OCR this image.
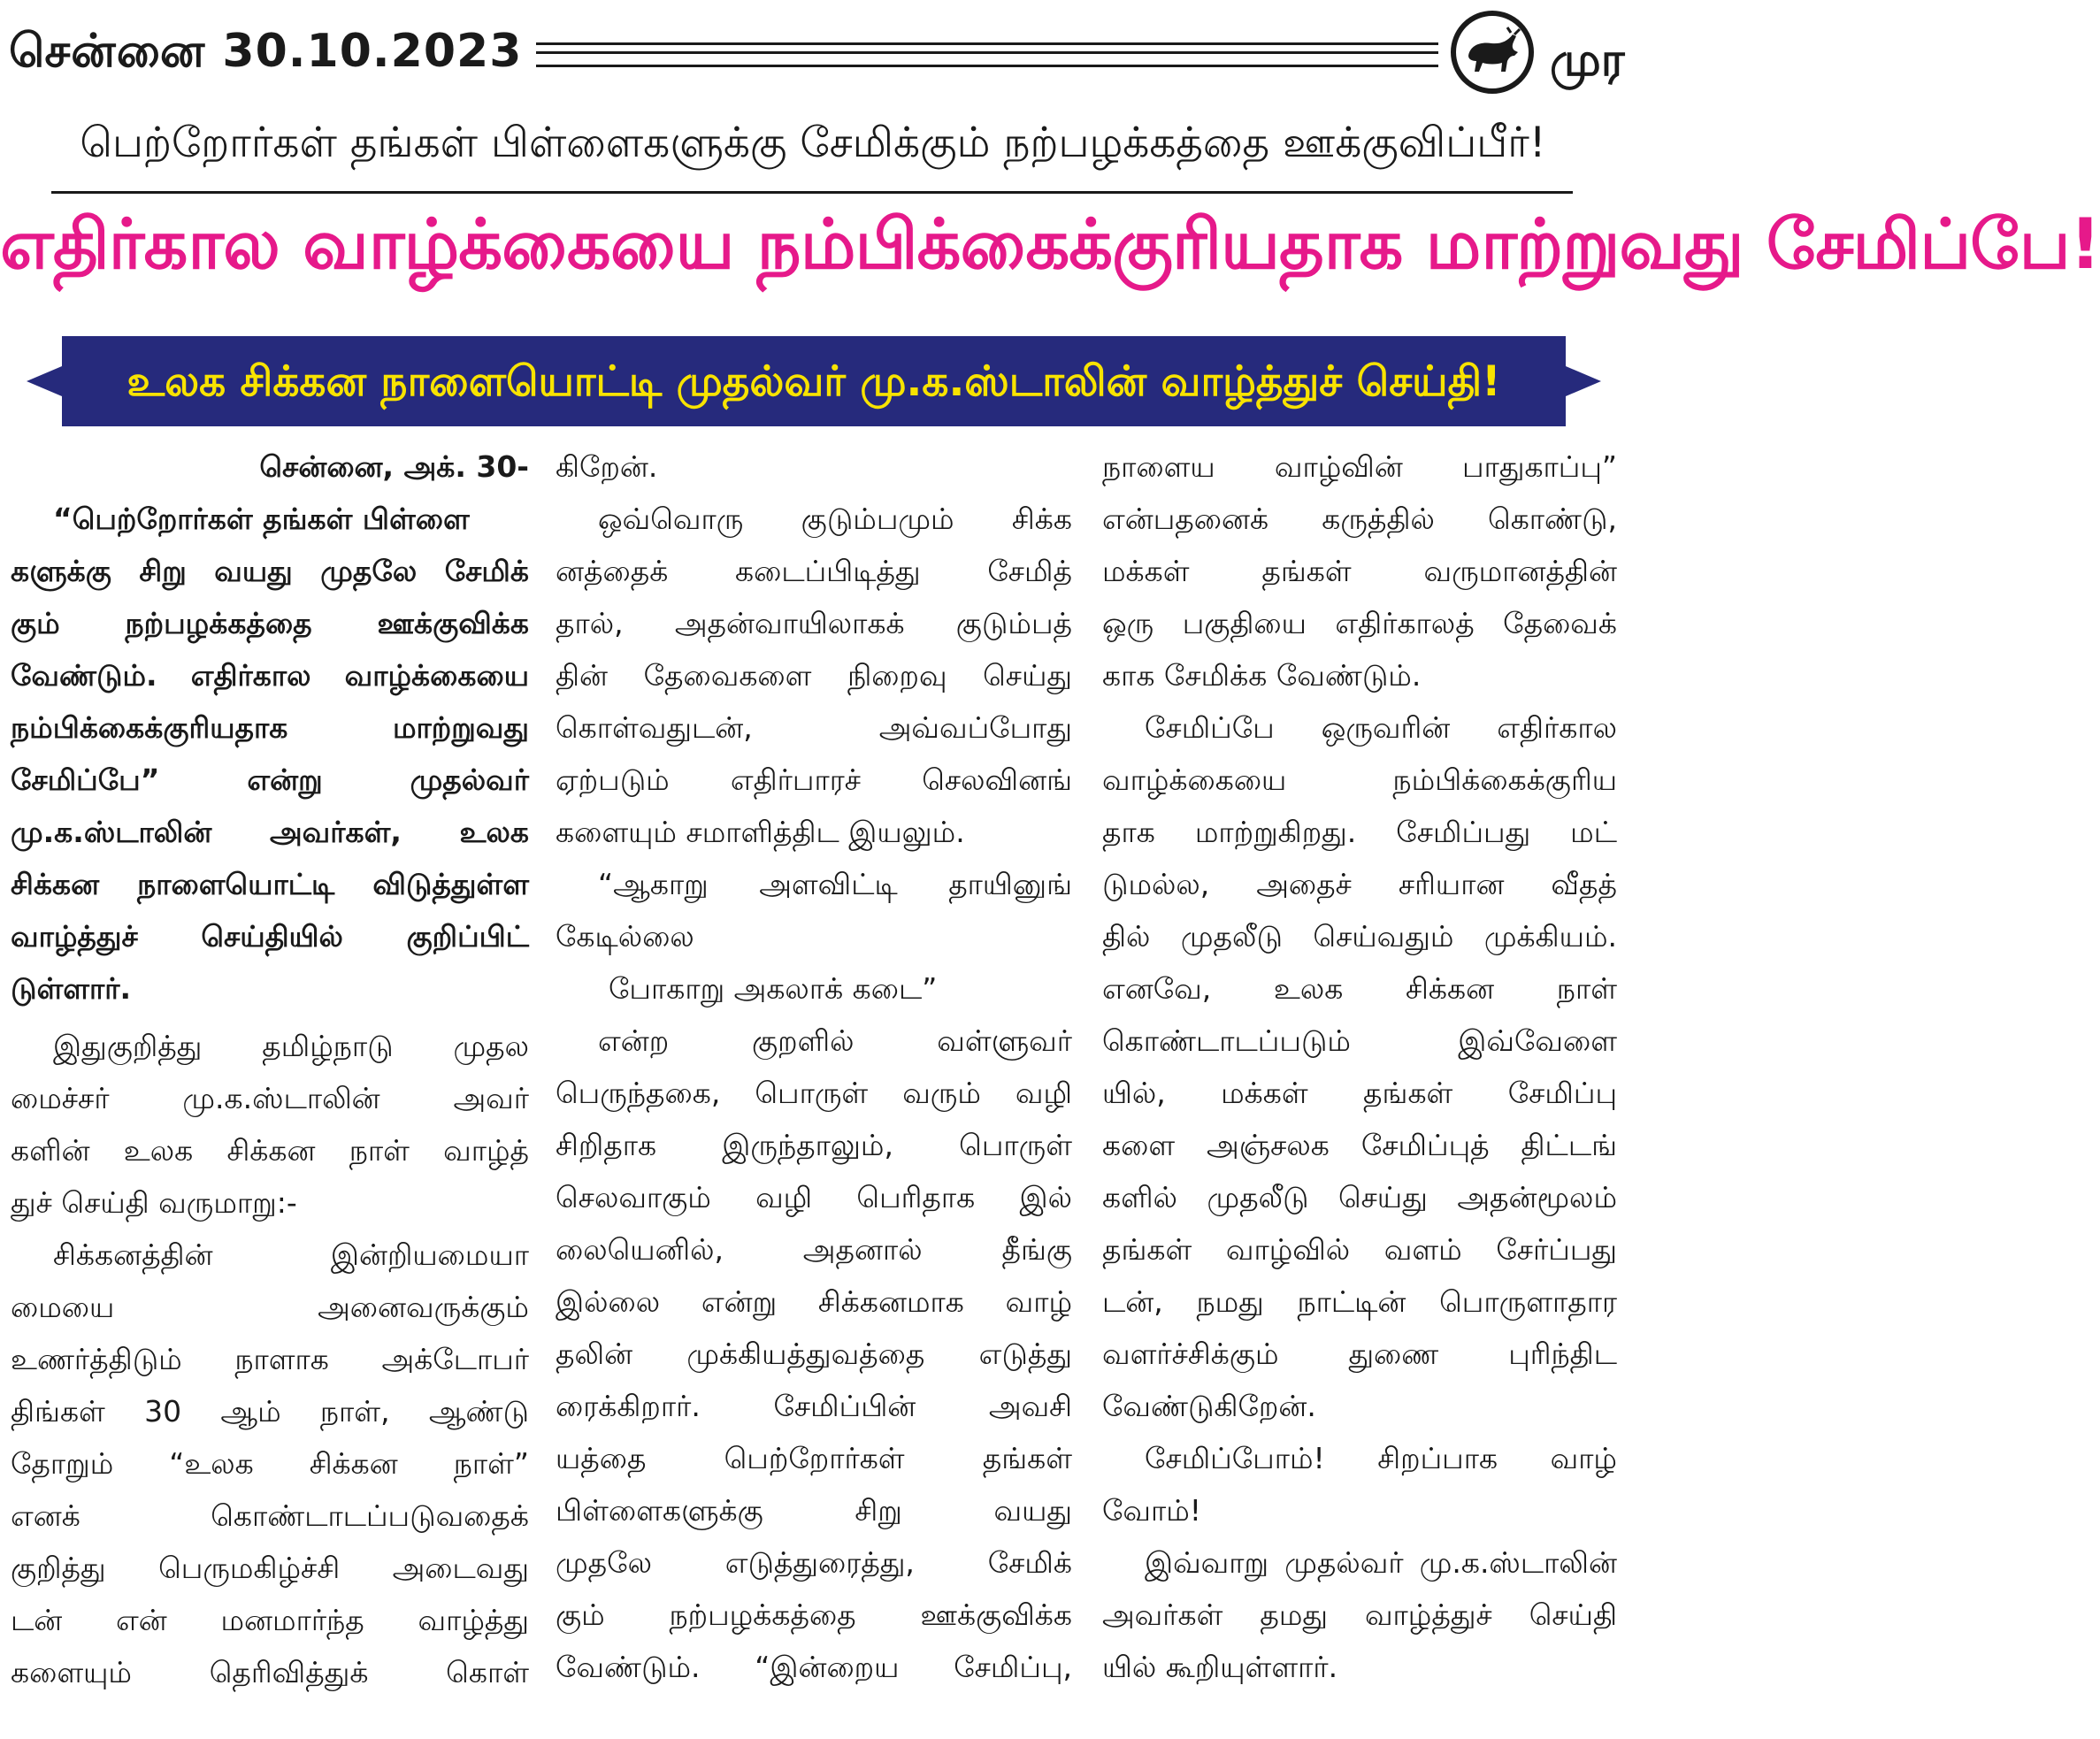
சென்னை 30.10.2023	முர
பெற்றோர்கள் தங்கள் பிள்ளைகளுக்கு சேமிக்கும் நற்பழக்கத்தை ஊக்குவிப்பீர்!
எதிர்கால வாழ்க்கையை நம்பிக்கைக்குரியதாக மாற்றுவது சேமிப்பே!
உலக சிக்கன நாளையொட்டி முதல்வர் மு.க.ஸ்டாலின் வாழ்த்துச் செய்தி!
சென்னை, அக். 30-
“பெற்றோர்கள் தங்கள் பிள்ளை
களுக்கு சிறு வயது முதலே சேமிக்
கும் நற்பழக்கத்தை ஊக்குவிக்க
வேண்டும். எதிர்கால வாழ்க்கையை
நம்பிக்கைக்குரியதாக மாற்றுவது
சேமிப்பே” என்று முதல்வர்
மு.க.ஸ்டாலின் அவர்கள், உலக
சிக்கன நாளையொட்டி விடுத்துள்ள
வாழ்த்துச் செய்தியில் குறிப்பிட்
டுள்ளார்.
இதுகுறித்து தமிழ்நாடு முதல
மைச்சர் மு.க.ஸ்டாலின் அவர்
களின் உலக சிக்கன நாள் வாழ்த்
துச் செய்தி வருமாறு:-
சிக்கனத்தின் இன்றியமையா
மையை அனைவருக்கும்
உணர்த்திடும் நாளாக அக்டோபர்
திங்கள் 30 ஆம் நாள், ஆண்டு
தோறும் “உலக சிக்கன நாள்”
எனக் கொண்டாடப்படுவதைக்
குறித்து பெருமகிழ்ச்சி அடைவது
டன் என் மனமார்ந்த வாழ்த்து
களையும் தெரிவித்துக் கொள்
கிறேன்.
ஒவ்வொரு குடும்பமும் சிக்க
னத்தைக் கடைப்பிடித்து சேமித்
தால், அதன்வாயிலாகக் குடும்பத்
தின் தேவைகளை நிறைவு செய்து
கொள்வதுடன், அவ்வப்போது
ஏற்படும் எதிர்பாரச் செலவினங்
களையும் சமாளித்திட இயலும்.
“ஆகாறு அளவிட்டி தாயினுங்
கேடில்லை
போகாறு அகலாக் கடை”
என்ற குறளில் வள்ளுவர்
பெருந்தகை, பொருள் வரும் வழி
சிறிதாக இருந்தாலும், பொருள்
செலவாகும் வழி பெரிதாக இல்
லையெனில், அதனால் தீங்கு
இல்லை என்று சிக்கனமாக வாழ்
தலின் முக்கியத்துவத்தை எடுத்து
ரைக்கிறார். சேமிப்பின் அவசி
யத்தை பெற்றோர்கள் தங்கள்
பிள்ளைகளுக்கு சிறு வயது
முதலே எடுத்துரைத்து, சேமிக்
கும் நற்பழக்கத்தை ஊக்குவிக்க
வேண்டும். “இன்றைய சேமிப்பு,
நாளைய வாழ்வின் பாதுகாப்பு”
என்பதனைக் கருத்தில் கொண்டு,
மக்கள் தங்கள் வருமானத்தின்
ஒரு பகுதியை எதிர்காலத் தேவைக்
காக சேமிக்க வேண்டும்.
சேமிப்பே ஒருவரின் எதிர்கால
வாழ்க்கையை நம்பிக்கைக்குரிய
தாக மாற்றுகிறது. சேமிப்பது மட்
டுமல்ல, அதைச் சரியான வீதத்
தில் முதலீடு செய்வதும் முக்கியம்.
எனவே, உலக சிக்கன நாள்
கொண்டாடப்படும் இவ்வேளை
யில், மக்கள் தங்கள் சேமிப்பு
களை அஞ்சலக சேமிப்புத் திட்டங்
களில் முதலீடு செய்து அதன்மூலம்
தங்கள் வாழ்வில் வளம் சேர்ப்பது
டன், நமது நாட்டின் பொருளாதார
வளர்ச்சிக்கும் துணை புரிந்திட
வேண்டுகிறேன்.
சேமிப்போம்! சிறப்பாக வாழ்
வோம்!
இவ்வாறு முதல்வர் மு.க.ஸ்டாலின்
அவர்கள் தமது வாழ்த்துச் செய்தி
யில் கூறியுள்ளார்.
